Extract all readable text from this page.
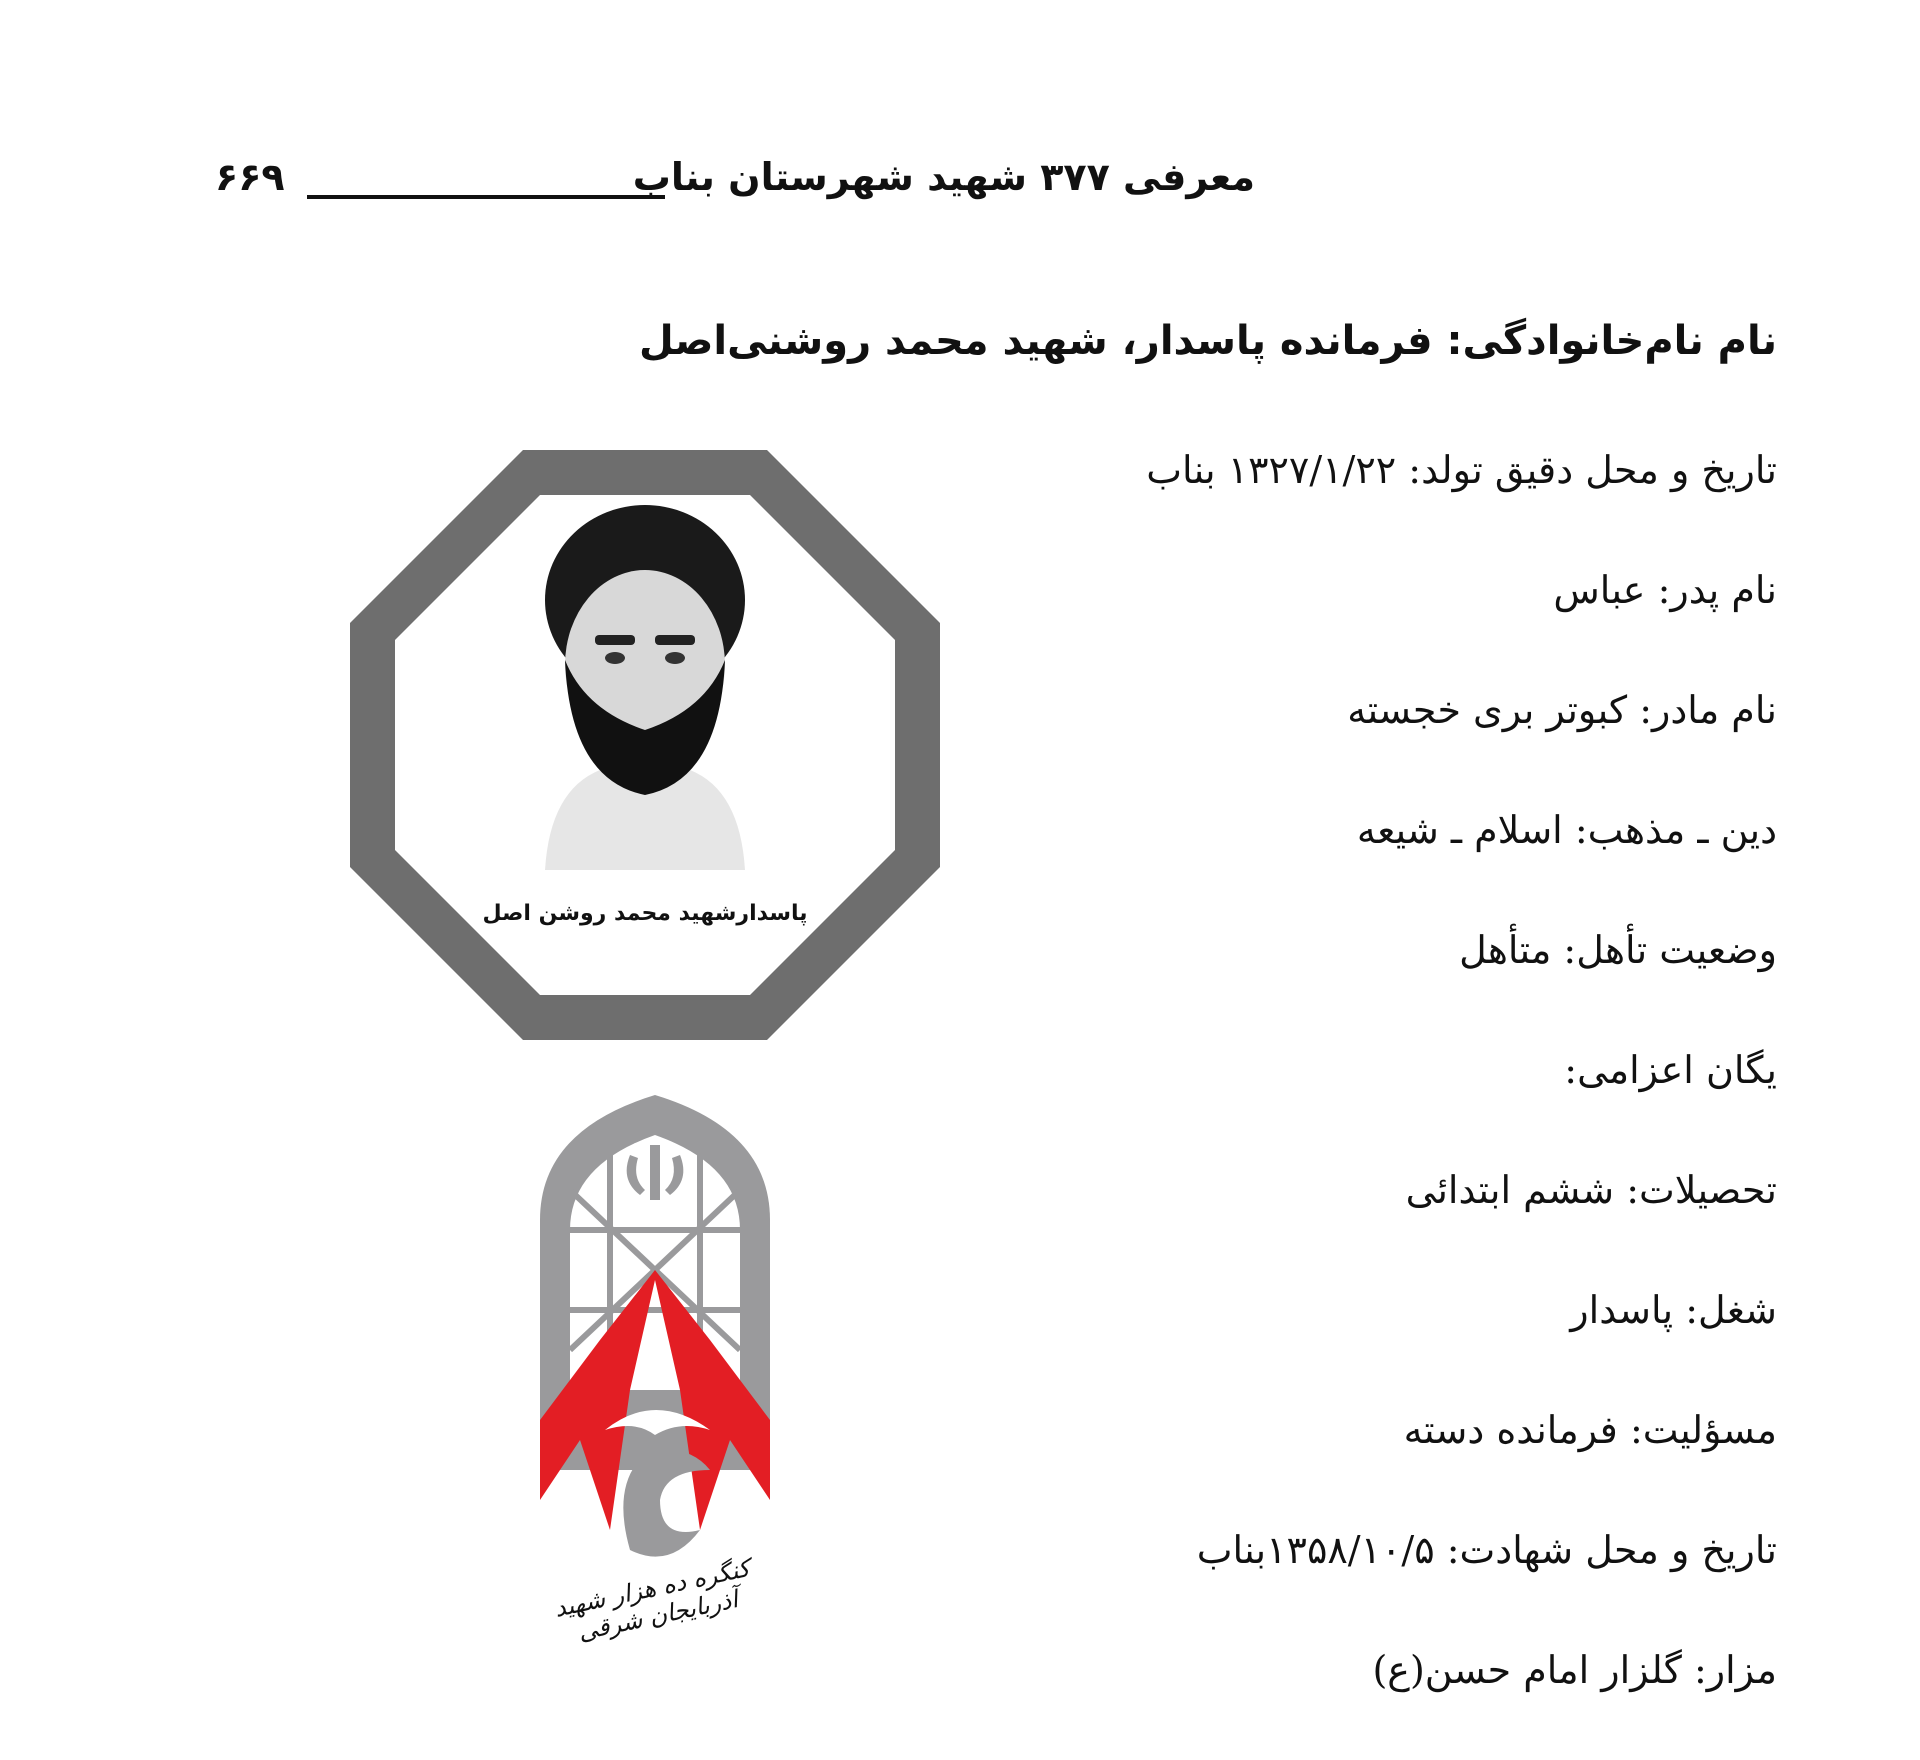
معرفی ۳۷۷ شهید شهرستان بناب
۶۶۹
نام نام‌خانوادگی: فرمانده پاسدار، شهید محمد روشنی‌اصل
تاریخ و محل دقیق تولد:۱۳۲۷/۱/۲۲ بناب
نام پدر:عباس
نام مادر:کبوتر بری خجسته
دین ـ مذهب:اسلام ـ شیعه
وضعیت تأهل:متأهل
یگان اعزامی:
تحصیلات:ششم ابتدائی
شغل:پاسدار
مسؤلیت:فرمانده دسته
تاریخ و محل شهادت:۱۳۵۸/۱۰/۵بناب
مزار:گلزار امام حسن(ع)
پاسدارشهید محمد روشن اصل
کنگره ده هزار شهید آذربایجان شرقی
